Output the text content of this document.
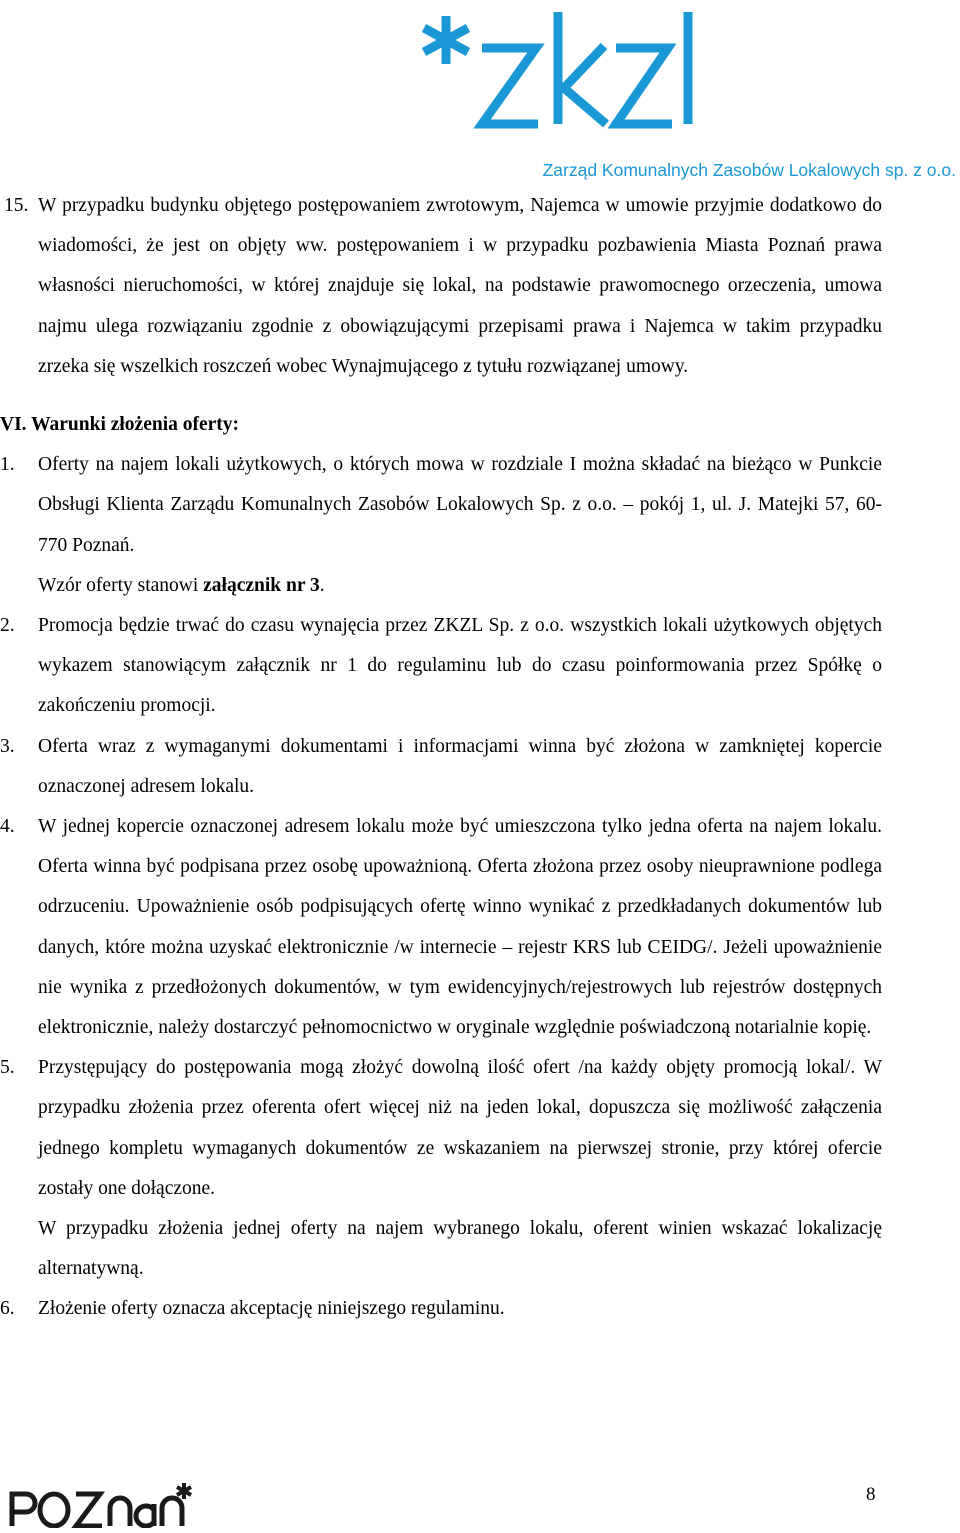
Zarząd Komunalnych Zasobów Lokalowych sp. z o.o.

15. W przypadku budynku objętego postępowaniem zwrotowym, Najemca w umowie przyjmie dodatkowo do wiadomości, że jest on objęty ww. postępowaniem i w przypadku pozbawienia Miasta Poznań prawa własności nieruchomości, w której znajduje się lokal, na podstawie prawomocnego orzeczenia, umowa najmu ulega rozwiązaniu zgodnie z obowiązującymi przepisami prawa i Najemca w takim przypadku zrzeka się wszelkich roszczeń wobec Wynajmującego z tytułu rozwiązanej umowy.

VI. Warunki złożenia oferty:
1. Oferty na najem lokali użytkowych, o których mowa w rozdziale I można składać na bieżąco w Punkcie Obsługi Klienta Zarządu Komunalnych Zasobów Lokalowych Sp. z o.o. – pokój 1, ul. J. Matejki 57, 60-770 Poznań.

Wzór oferty stanowi załącznik nr 3.

2. Promocja będzie trwać do czasu wynajęcia przez ZKZL Sp. z o.o. wszystkich lokali użytkowych objętych wykazem stanowiącym załącznik nr 1 do regulaminu lub do czasu poinformowania przez Spółkę o zakończeniu promocji.

3. Oferta wraz z wymaganymi dokumentami i informacjami winna być złożona w zamkniętej kopercie oznaczonej adresem lokalu.

4. W jednej kopercie oznaczonej adresem lokalu może być umieszczona tylko jedna oferta na najem lokalu. Oferta winna być podpisana przez osobę upoważnioną. Oferta złożona przez osoby nieuprawnione podlega odrzuceniu. Upoważnienie osób podpisujących ofertę winno wynikać z przedkładanych dokumentów lub danych, które można uzyskać elektronicznie /w internecie – rejestr KRS lub CEIDG/. Jeżeli upoważnienie nie wynika z przedłożonych dokumentów, w tym ewidencyjnych/rejestrowych lub rejestrów dostępnych elektronicznie, należy dostarczyć pełnomocnictwo w oryginale względnie poświadczoną notarialnie kopię.

5. Przystępujący do postępowania mogą złożyć dowolną ilość ofert /na każdy objęty promocją lokal/. W przypadku złożenia przez oferenta ofert więcej niż na jeden lokal, dopuszcza się możliwość załączenia jednego kompletu wymaganych dokumentów ze wskazaniem na pierwszej stronie, przy której ofercie zostały one dołączone.

W przypadku złożenia jednej oferty na najem wybranego lokalu, oferent winien wskazać lokalizację alternatywną.

6. Złożenie oferty oznacza akceptację niniejszego regulaminu.

8
